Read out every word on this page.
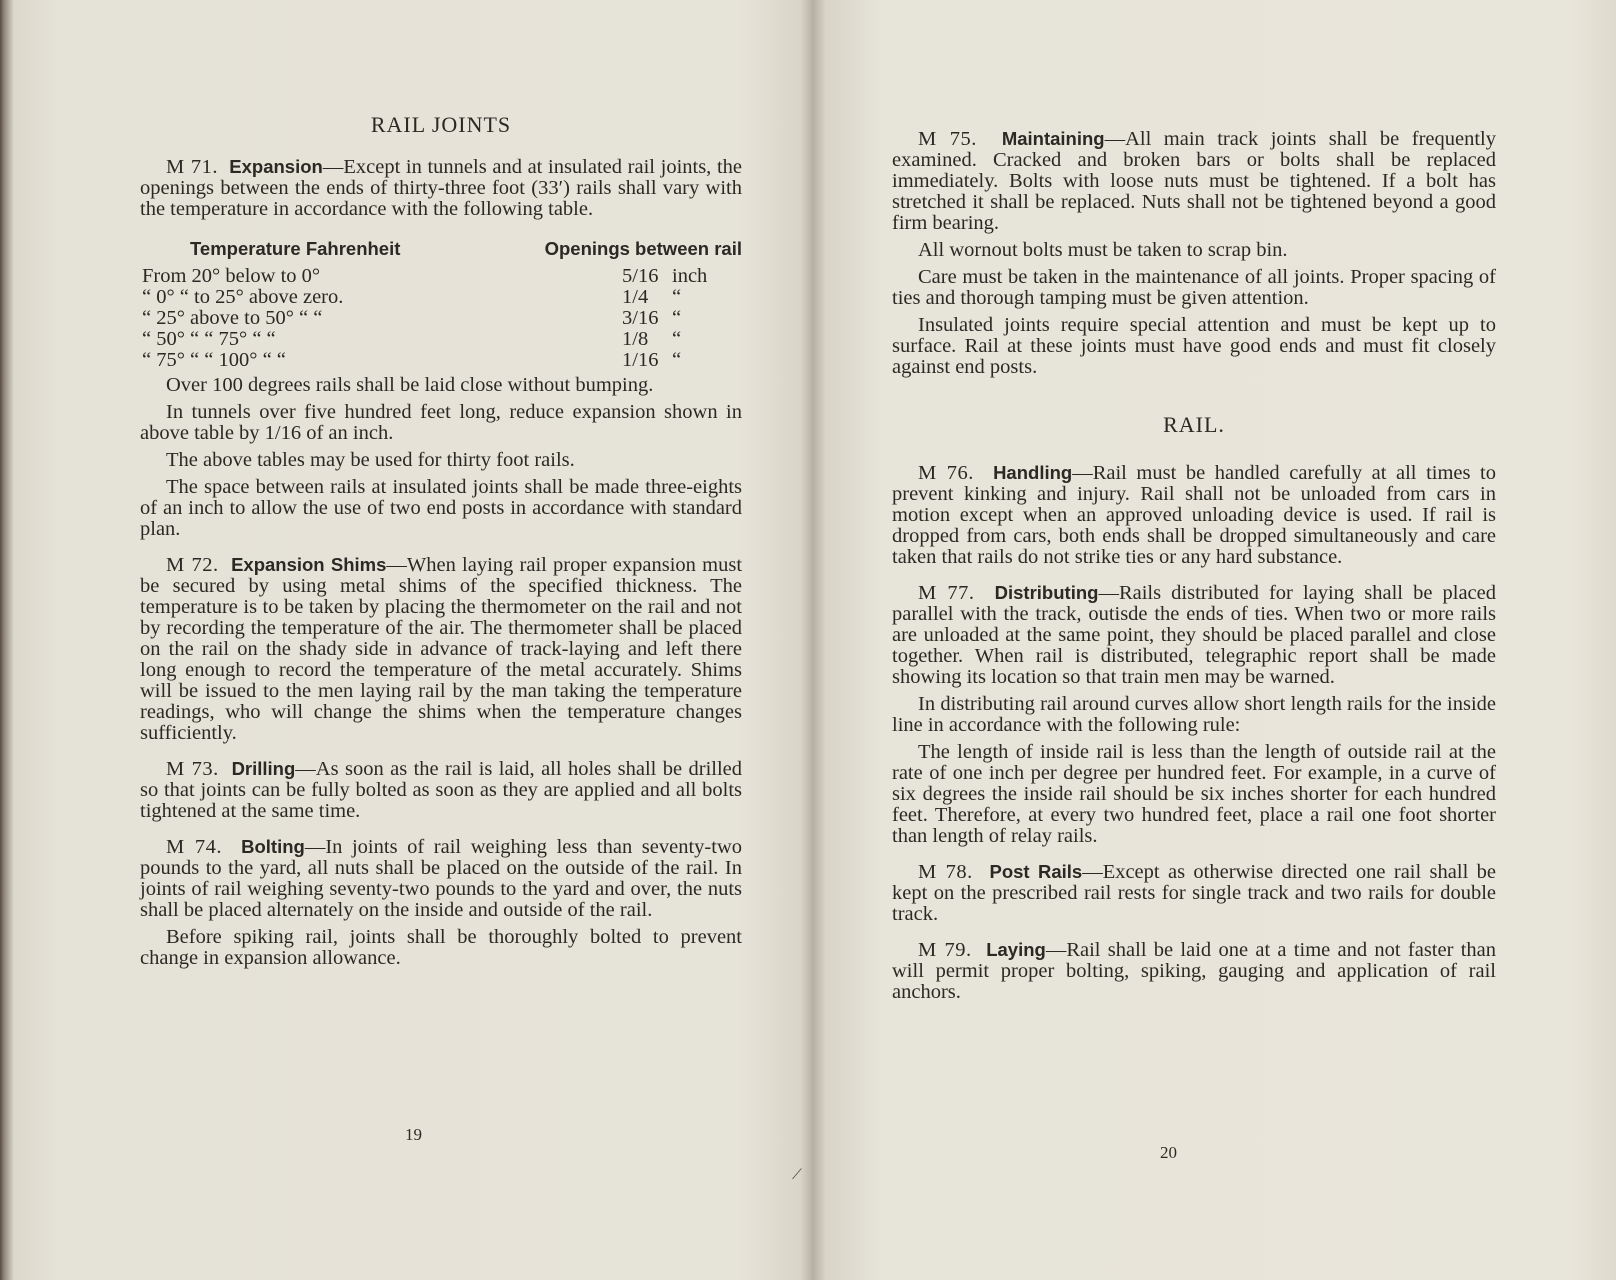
RAIL JOINTS

M 71. Expansion—Except in tunnels and at insulated rail joints, the openings between the ends of thirty-three foot (33′) rails shall vary with the temperature in accordance with the following table.

Temperature Fahrenheit	Openings between rail
From 20° below to 0°	5/16	inch
“ 0° “ to 25° above zero.	1/4	“
“ 25° above to 50° “ “	3/16	“
“ 50° “ “ 75° “ “	1/8	“
“ 75° “ “ 100° “ “	1/16	“

Over 100 degrees rails shall be laid close without bumping.

In tunnels over five hundred feet long, reduce expansion shown in above table by 1/16 of an inch.

The above tables may be used for thirty foot rails.

The space between rails at insulated joints shall be made three-eights of an inch to allow the use of two end posts in accordance with standard plan.

M 72. Expansion Shims—When laying rail proper expansion must be secured by using metal shims of the specified thickness. The temperature is to be taken by placing the thermometer on the rail and not by recording the temperature of the air. The thermometer shall be placed on the rail on the shady side in advance of track-laying and left there long enough to record the temperature of the metal accurately. Shims will be issued to the men laying rail by the man taking the temperature readings, who will change the shims when the temperature changes sufficiently.

M 73. Drilling—As soon as the rail is laid, all holes shall be drilled so that joints can be fully bolted as soon as they are applied and all bolts tightened at the same time.

M 74. Bolting—In joints of rail weighing less than seventy-two pounds to the yard, all nuts shall be placed on the outside of the rail. In joints of rail weighing seventy-two pounds to the yard and over, the nuts shall be placed alternately on the inside and outside of the rail.

Before spiking rail, joints shall be thoroughly bolted to prevent change in expansion allowance.

19

M 75. Maintaining—All main track joints shall be frequently examined. Cracked and broken bars or bolts shall be replaced immediately. Bolts with loose nuts must be tightened. If a bolt has stretched it shall be replaced. Nuts shall not be tightened beyond a good firm bearing.

All wornout bolts must be taken to scrap bin.

Care must be taken in the maintenance of all joints. Proper spacing of ties and thorough tamping must be given attention.

Insulated joints require special attention and must be kept up to surface. Rail at these joints must have good ends and must fit closely against end posts.

RAIL.

M 76. Handling—Rail must be handled carefully at all times to prevent kinking and injury. Rail shall not be unloaded from cars in motion except when an approved unloading device is used. If rail is dropped from cars, both ends shall be dropped simultaneously and care taken that rails do not strike ties or any hard substance.

M 77. Distributing—Rails distributed for laying shall be placed parallel with the track, outisde the ends of ties. When two or more rails are unloaded at the same point, they should be placed parallel and close together. When rail is distributed, telegraphic report shall be made showing its location so that train men may be warned.

In distributing rail around curves allow short length rails for the inside line in accordance with the following rule:

The length of inside rail is less than the length of outside rail at the rate of one inch per degree per hundred feet. For example, in a curve of six degrees the inside rail should be six inches shorter for each hundred feet. Therefore, at every two hundred feet, place a rail one foot shorter than length of relay rails.

M 78. Post Rails—Except as otherwise directed one rail shall be kept on the prescribed rail rests for single track and two rails for double track.

M 79. Laying—Rail shall be laid one at a time and not faster than will permit proper bolting, spiking, gauging and application of rail anchors.

20
⟋
